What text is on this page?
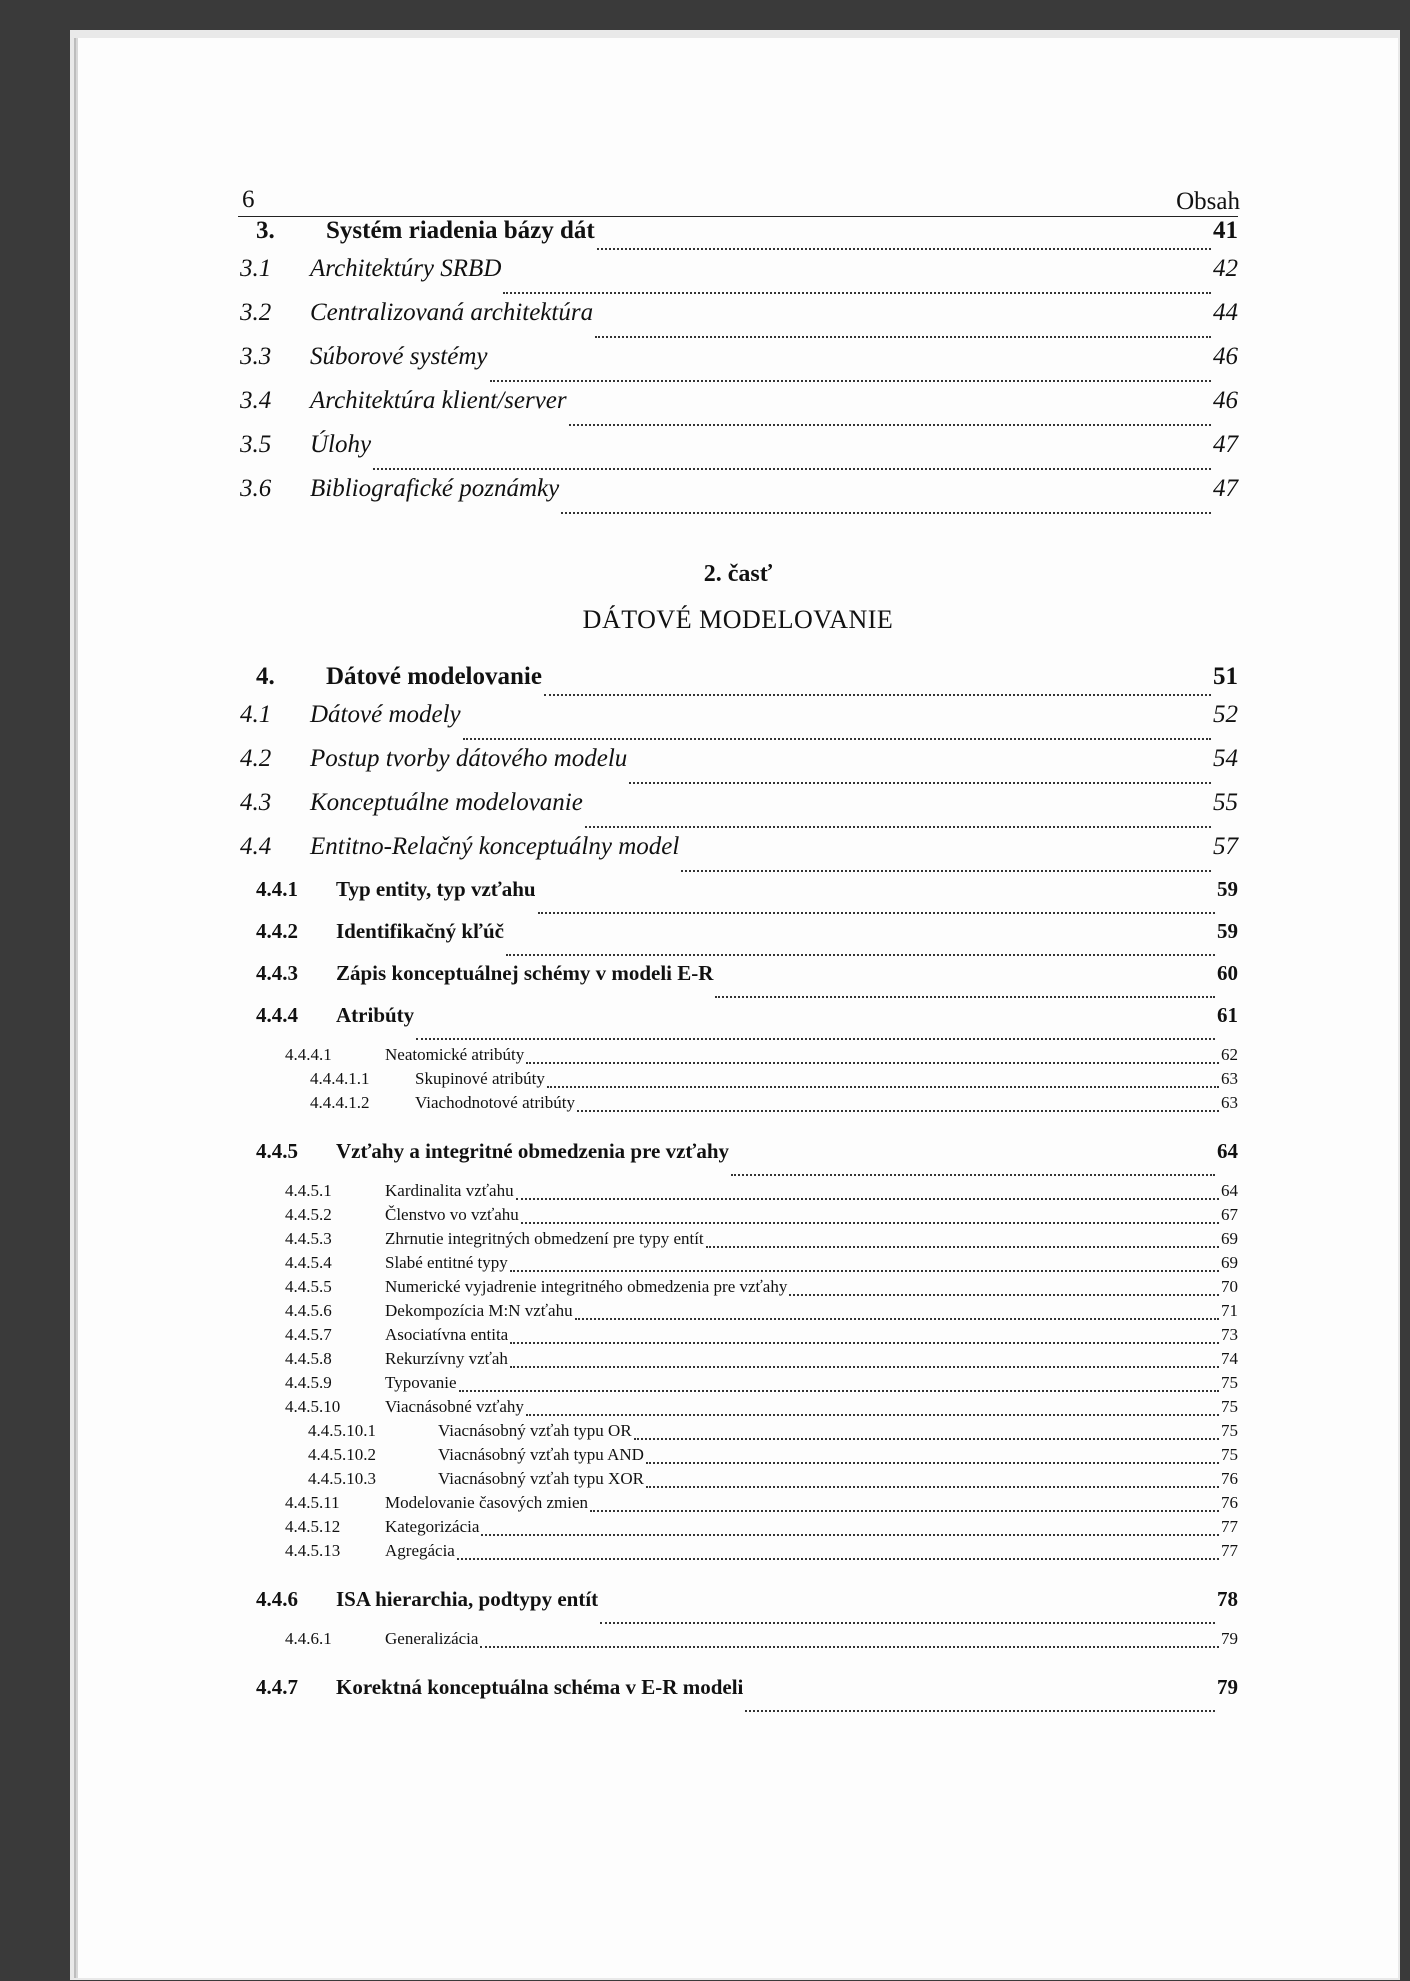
6	Obsah
3.	Systém riadenia bázy dát	41
3.1	Architektúry SRBD	42
3.2	Centralizovaná architektúra	44
3.3	Súborové systémy	46
3.4	Architektúra klient/server	46
3.5	Úlohy	47
3.6	Bibliografické poznámky	47
2. časť
DÁTOVÉ MODELOVANIE
4.	Dátové modelovanie	51
4.1	Dátové modely	52
4.2	Postup tvorby dátového modelu	54
4.3	Konceptuálne modelovanie	55
4.4	Entitno-Relačný konceptuálny model	57
4.4.1	Typ entity, typ vzťahu	59
4.4.2	Identifikačný kľúč	59
4.4.3	Zápis konceptuálnej schémy v modeli E-R	60
4.4.4	Atribúty	61
4.4.4.1	Neatomické atribúty	62
4.4.4.1.1	Skupinové atribúty	63
4.4.4.1.2	Viachodnotové atribúty	63
4.4.5	Vzťahy a integritné obmedzenia pre vzťahy	64
4.4.5.1	Kardinalita vzťahu	64
4.4.5.2	Členstvo vo vzťahu	67
4.4.5.3	Zhrnutie integritných obmedzení pre typy entít	69
4.4.5.4	Slabé entitné typy	69
4.4.5.5	Numerické vyjadrenie integritného obmedzenia pre vzťahy	70
4.4.5.6	Dekompozícia M:N vzťahu	71
4.4.5.7	Asociatívna entita	73
4.4.5.8	Rekurzívny vzťah	74
4.4.5.9	Typovanie	75
4.4.5.10	Viacnásobné vzťahy	75
4.4.5.10.1	Viacnásobný vzťah typu OR	75
4.4.5.10.2	Viacnásobný vzťah typu AND	75
4.4.5.10.3	Viacnásobný vzťah typu XOR	76
4.4.5.11	Modelovanie časových zmien	76
4.4.5.12	Kategorizácia	77
4.4.5.13	Agregácia	77
4.4.6	ISA hierarchia, podtypy entít	78
4.4.6.1	Generalizácia	79
4.4.7	Korektná konceptuálna schéma v E-R modeli	79
